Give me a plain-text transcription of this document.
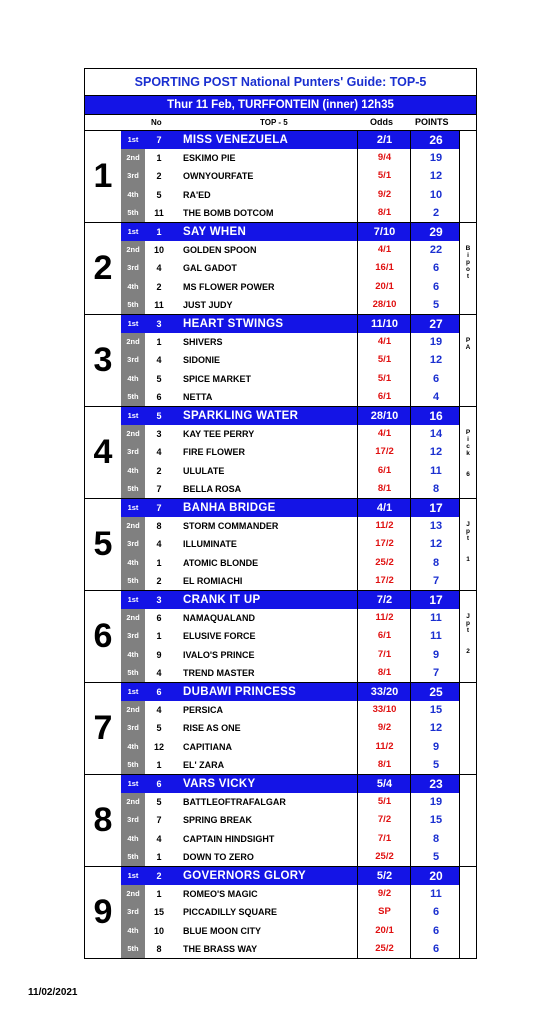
SPORTING POST National Punters' Guide: TOP-5
Thur 11 Feb, TURFFONTEIN (inner) 12h35
No	TOP - 5	Odds POINTS
1
1st	7	MISS VENEZUELA	2/1	26
2nd	1	ESKIMO PIE	9/4	19
3rd	2	OWNYOURFATE	5/1	12
4th	5	RA'ED	9/2	10
5th	11	THE BOMB DOTCOM	8/1	2
2
1st	1	SAY WHEN	7/10	29
2nd	10	GOLDEN SPOON	4/1	22
3rd	4	GAL GADOT	16/1	6
4th	2	MS FLOWER POWER	20/1	6
5th	11	JUST JUDY	28/10	5
B
i
p
o
t
3
1st	3	HEART STWINGS	11/10	27
2nd	1	SHIVERS	4/1	19
3rd	4	SIDONIE	5/1	12
4th	5	SPICE MARKET	5/1	6
5th	6	NETTA	6/1	4
P
A
4
1st	5	SPARKLING WATER	28/10	16
2nd	3	KAY TEE PERRY	4/1	14
3rd	4	FIRE FLOWER	17/2	12
4th	2	ULULATE	6/1	11
5th	7	BELLA ROSA	8/1	8
P
i
c
k

6
5
1st	7	BANHA BRIDGE	4/1	17
2nd	8	STORM COMMANDER	11/2	13
3rd	4	ILLUMINATE	17/2	12
4th	1	ATOMIC BLONDE	25/2	8
5th	2	EL ROMIACHI	17/2	7
J
p
t

1
6
1st	3	CRANK IT UP	7/2	17
2nd	6	NAMAQUALAND	11/2	11
3rd	1	ELUSIVE FORCE	6/1	11
4th	9	IVALO'S PRINCE	7/1	9
5th	4	TREND MASTER	8/1	7
J
p
t

2
7
1st	6	DUBAWI PRINCESS	33/20	25
2nd	4	PERSICA	33/10	15
3rd	5	RISE AS ONE	9/2	12
4th	12	CAPITIANA	11/2	9
5th	1	EL' ZARA	8/1	5
8
1st	6	VARS VICKY	5/4	23
2nd	5	BATTLEOFTRAFALGAR	5/1	19
3rd	7	SPRING BREAK	7/2	15
4th	4	CAPTAIN HINDSIGHT	7/1	8
5th	1	DOWN TO ZERO	25/2	5
9
1st	2	GOVERNORS GLORY	5/2	20
2nd	1	ROMEO'S MAGIC	9/2	11
3rd	15	PICCADILLY SQUARE	SP	6
4th	10	BLUE MOON CITY	20/1	6
5th	8	THE BRASS WAY	25/2	6
11/02/2021
